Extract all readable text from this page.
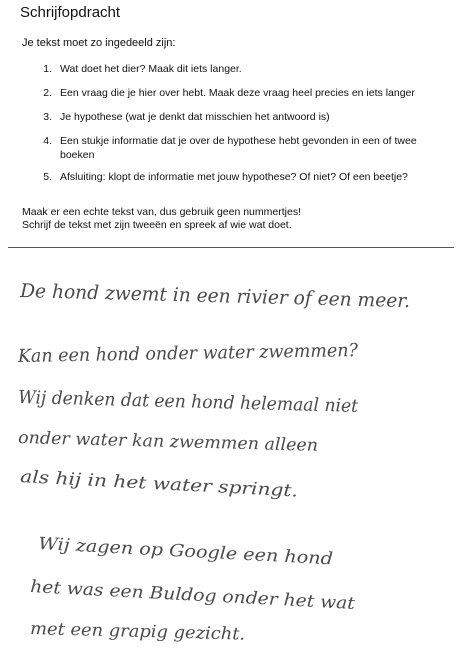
Schrijfopdracht
Je tekst moet zo ingedeeld zijn:
1. Wat doet het dier? Maak dit iets langer.
2. Een vraag die je hier over hebt. Maak deze vraag heel precies en iets langer
3. Je hypothese (wat je denkt dat misschien het antwoord is)
4. Een stukje informatie dat je over de hypothese hebt gevonden in een of twee boeken
5. Afsluiting: klopt de informatie met jouw hypothese? Of niet? Of een beetje?
Maak er een echte tekst van, dus gebruik geen nummertjes!
Schrijf de tekst met zijn tweeën en spreek af wie wat doet.
De hond zwemt in een rivier of een meer.
Kan een hond onder water zwemmen?
Wij denken dat een hond helemaal niet
onder water kan zwemmen alleen
als hij in het water springt.
Wij zagen op Google een hond
het was een Buldog onder het wat
met een grapig gezicht.
